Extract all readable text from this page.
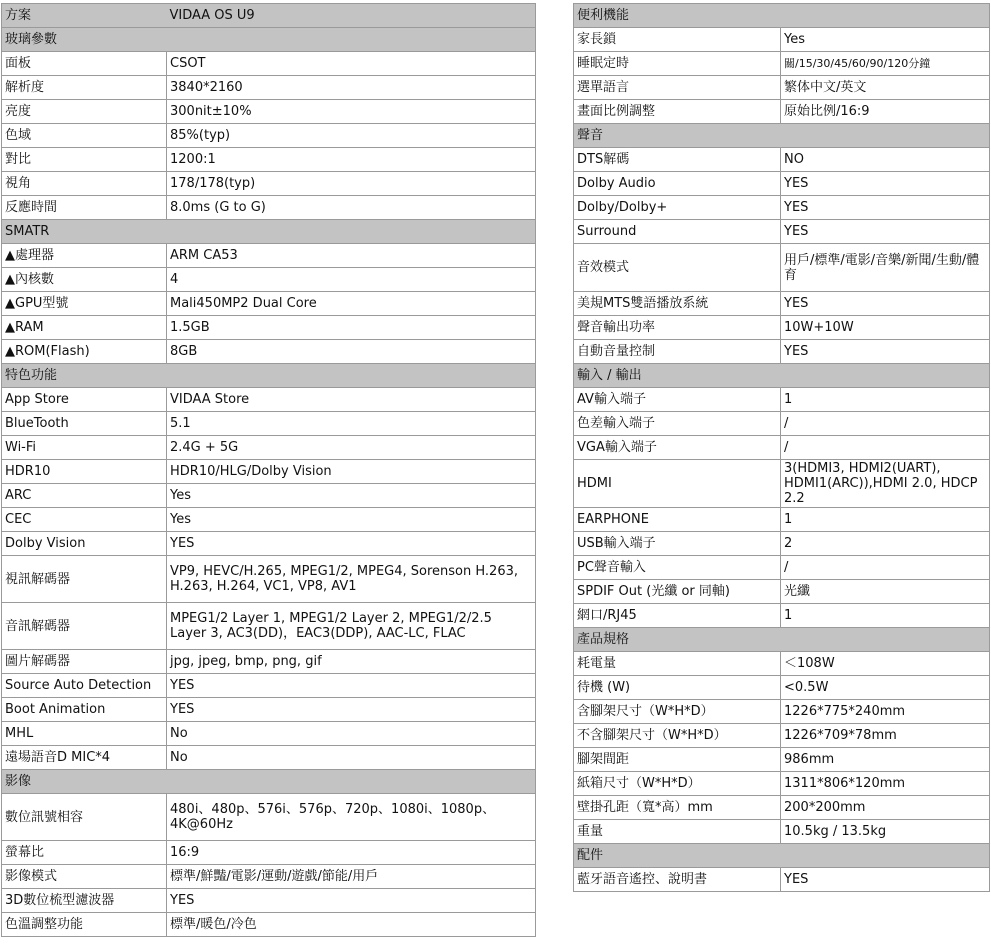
方案	VIDAA OS U9
玻璃參數	
面板	CSOT
解析度	3840*2160
亮度	300nit±10%
色域	85%(typ)
對比	1200:1
視角	178/178(typ)
反應時間	8.0ms (G to G)
SMATR	
▲處理器	ARM CA53
▲內核數	4
▲GPU型號	Mali450MP2 Dual Core
▲RAM	1.5GB
▲ROM(Flash)	8GB
特色功能	
App Store	VIDAA Store
BlueTooth	5.1
Wi-Fi	2.4G + 5G
HDR10	HDR10/HLG/Dolby Vision
ARC	Yes
CEC	Yes
Dolby Vision	YES
視訊解碼器	VP9, HEVC/H.265, MPEG1/2, MPEG4, Sorenson H.263, H.263, H.264, VC1, VP8, AV1
音訊解碼器	MPEG1/2 Layer 1, MPEG1/2 Layer 2, MPEG1/2/2.5 Layer 3, AC3(DD)，EAC3(DDP), AAC-LC, FLAC
圖片解碼器	jpg, jpeg, bmp, png, gif
Source Auto Detection	YES
Boot Animation	YES
MHL	No
遠場語音D MIC*4	No
影像	
數位訊號相容	480i、480p、576i、576p、720p、1080i、1080p、4K@60Hz
螢幕比	16:9
影像模式	標準/鮮豔/電影/運動/遊戲/節能/用戶
3D數位梳型濾波器	YES
色溫調整功能	標準/暖色/冷色
便利機能	
家長鎖	Yes
睡眠定時	關/15/30/45/60/90/120分鐘
選單語言	繁体中文/英文
畫面比例調整	原始比例/16:9
聲音	
DTS解碼	NO
Dolby Audio	YES
Dolby/Dolby+	YES
Surround	YES
音效模式	用戶/標準/電影/音樂/新聞/生動/體育
美規MTS雙語播放系統	YES
聲音輸出功率	10W+10W
自動音量控制	YES
輸入 / 輸出	
AV輸入端子	1
色差輸入端子	/
VGA輸入端子	/
HDMI	3(HDMI3, HDMI2(UART), HDMI1(ARC)),HDMI 2.0, HDCP 2.2
EARPHONE	1
USB輸入端子	2
PC聲音輸入	/
SPDIF Out (光纖 or 同軸)	光纖
網口/RJ45	1
產品規格	
耗電量	＜108W
待機 (W)	<0.5W
含腳架尺寸（W*H*D）	1226*775*240mm
不含腳架尺寸（W*H*D）	1226*709*78mm
腳架間距	986mm
紙箱尺寸（W*H*D）	1311*806*120mm
壁掛孔距（寬*高）mm	200*200mm
重量	10.5kg / 13.5kg
配件	
藍牙語音遙控、說明書	YES
